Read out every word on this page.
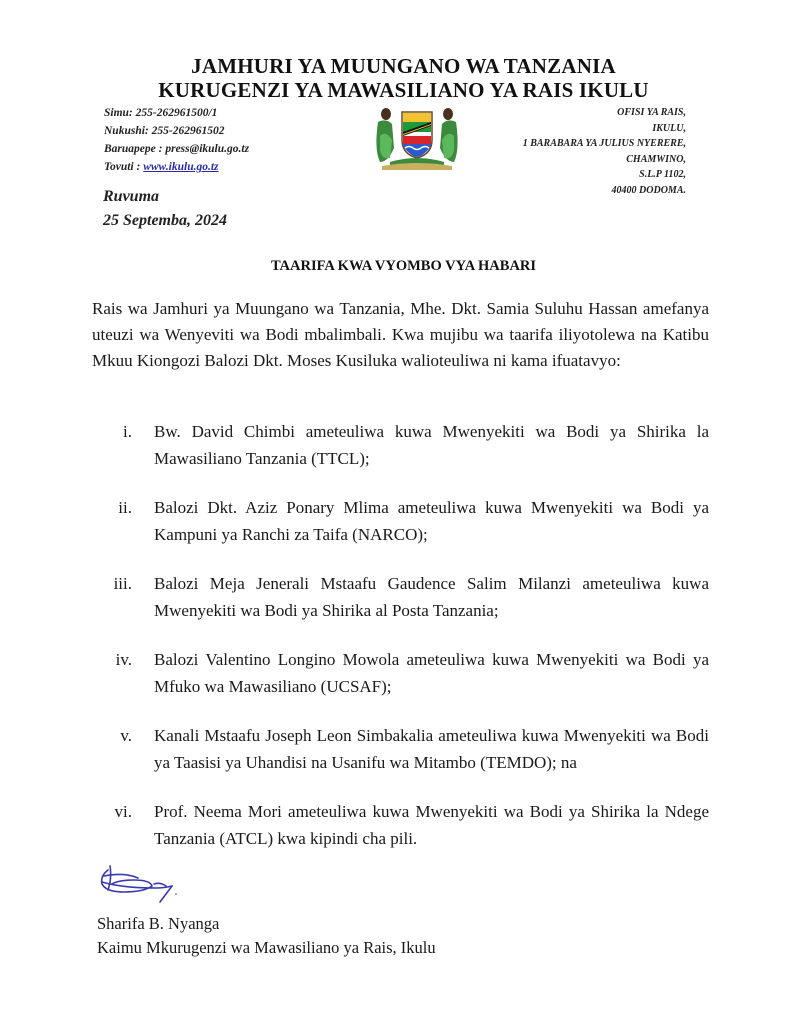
JAMHURI YA MUUNGANO WA TANZANIA
KURUGENZI YA MAWASILIANO YA RAIS IKULU
Simu: 255-262961500/1
Nukushi: 255-262961502
Baruapepe : press@ikulu.go.tz
Tovuti : www.ikulu.go.tz
OFISI YA RAIS,
IKULU,
1 BARABARA YA JULIUS NYERERE,
CHAMWINO,
S.L.P 1102,
40400 DODOMA.
Ruvuma
25 Septemba, 2024
TAARIFA KWA VYOMBO VYA HABARI
Rais wa Jamhuri ya Muungano wa Tanzania, Mhe. Dkt. Samia Suluhu Hassan amefanya uteuzi wa Wenyeviti wa Bodi mbalimbali. Kwa mujibu wa taarifa iliyotolewa na Katibu Mkuu Kiongozi Balozi Dkt. Moses Kusiluka walioteuliwa ni kama ifuatavyo:
i. Bw. David Chimbi ameteuliwa kuwa Mwenyekiti wa Bodi ya Shirika la Mawasiliano Tanzania (TTCL);
ii. Balozi Dkt. Aziz Ponary Mlima ameteuliwa kuwa Mwenyekiti wa Bodi ya Kampuni ya Ranchi za Taifa (NARCO);
iii. Balozi Meja Jenerali Mstaafu Gaudence Salim Milanzi ameteuliwa kuwa Mwenyekiti wa Bodi ya Shirika al Posta Tanzania;
iv. Balozi Valentino Longino Mowola ameteuliwa kuwa Mwenyekiti wa Bodi ya Mfuko wa Mawasiliano (UCSAF);
v. Kanali Mstaafu Joseph Leon Simbakalia ameteuliwa kuwa Mwenyekiti wa Bodi ya Taasisi ya Uhandisi na Usanifu wa Mitambo (TEMDO); na
vi. Prof. Neema Mori ameteuliwa kuwa Mwenyekiti wa Bodi ya Shirika la Ndege Tanzania (ATCL) kwa kipindi cha pili.
Sharifa B. Nyanga
Kaimu Mkurugenzi wa Mawasiliano ya Rais, Ikulu
